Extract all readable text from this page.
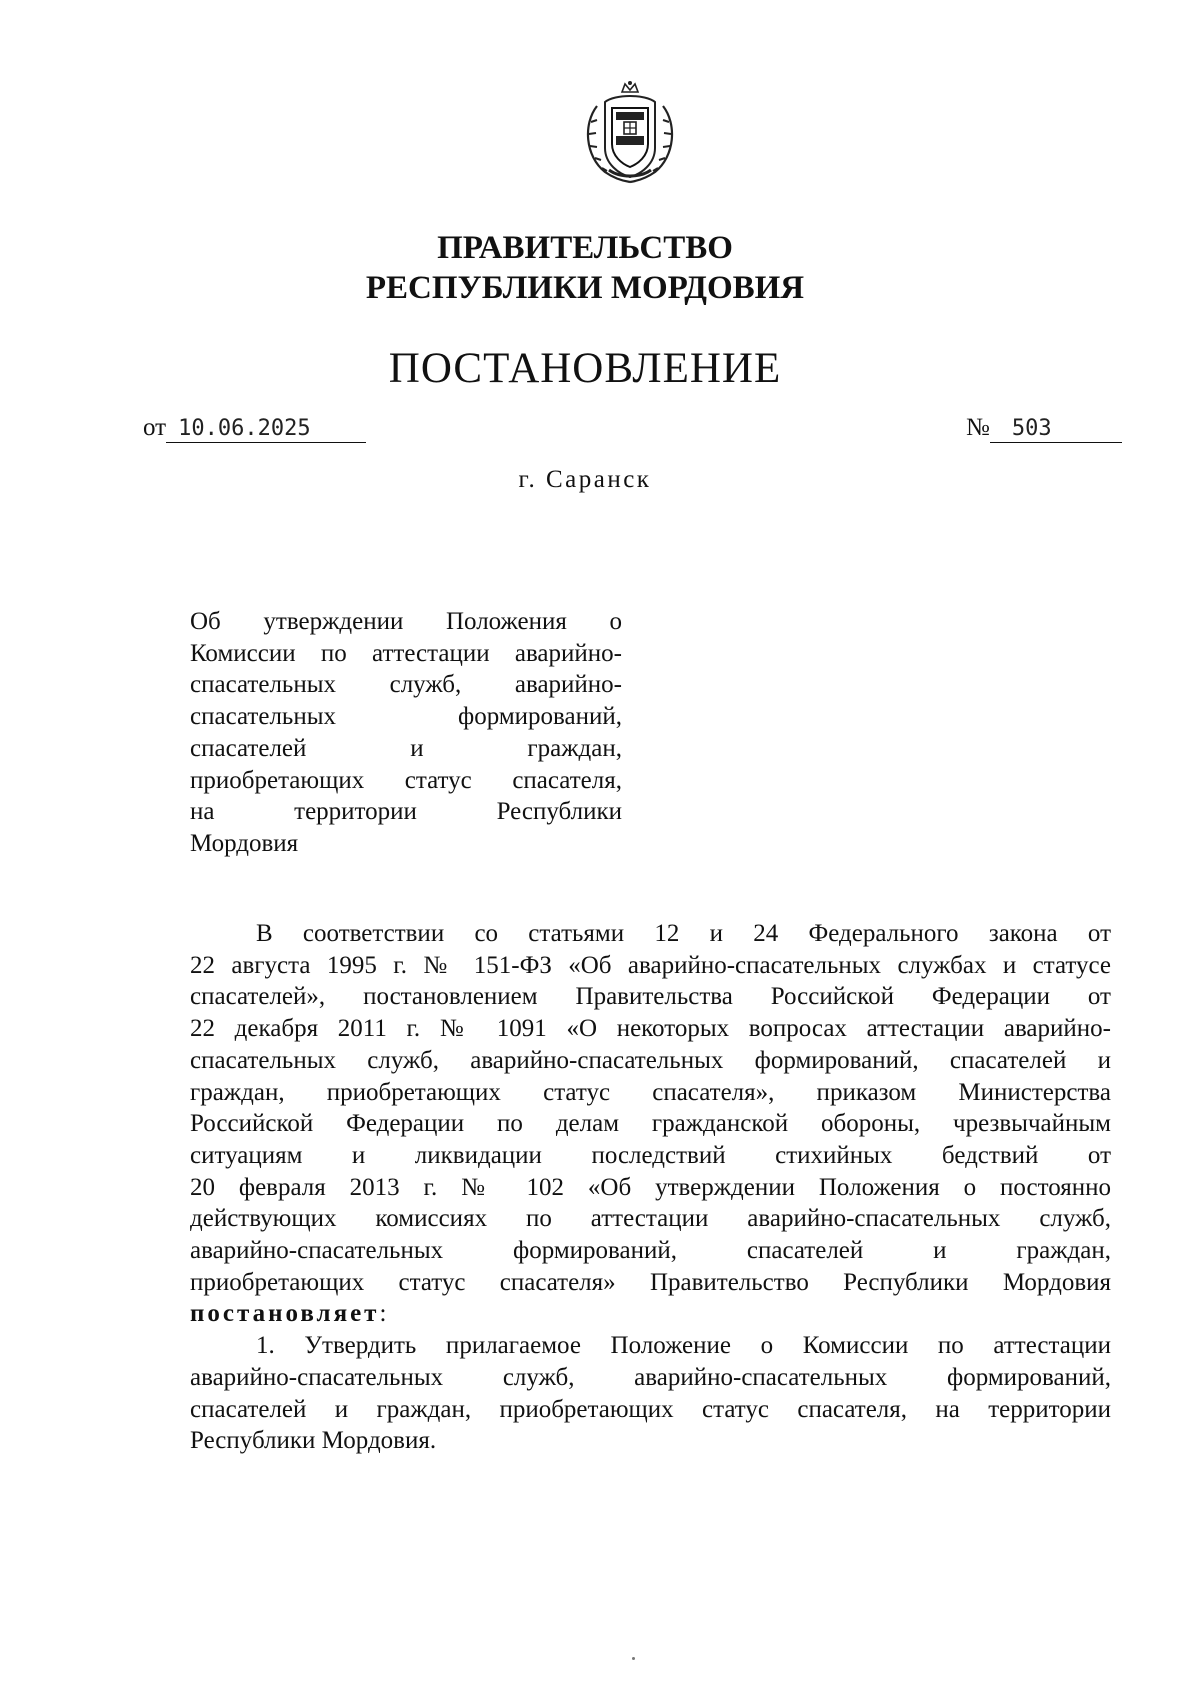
ПРАВИТЕЛЬСТВО
РЕСПУБЛИКИ МОРДОВИЯ
ПОСТАНОВЛЕНИЕ
от 10.06.2025	№ 503
г. Саранск
Об утверждении Положения о
Комиссии по аттестации аварийно-
спасательных служб, аварийно-
спасательных формирований,
спасателей и граждан,
приобретающих статус спасателя,
на территории Республики
Мордовия
В соответствии со статьями 12 и 24 Федерального закона от
22 августа 1995 г. № 151-ФЗ «Об аварийно-спасательных службах и статусе
спасателей», постановлением Правительства Российской Федерации от
22 декабря 2011 г. № 1091 «О некоторых вопросах аттестации аварийно-
спасательных служб, аварийно-спасательных формирований, спасателей и
граждан, приобретающих статус спасателя», приказом Министерства
Российской Федерации по делам гражданской обороны, чрезвычайным
ситуациям и ликвидации последствий стихийных бедствий от
20 февраля 2013 г. № 102 «Об утверждении Положения о постоянно
действующих комиссиях по аттестации аварийно-спасательных служб,
аварийно-спасательных формирований, спасателей и граждан,
приобретающих статус спасателя» Правительство Республики Мордовия
постановляет:
1. Утвердить прилагаемое Положение о Комиссии по аттестации
аварийно-спасательных служб, аварийно-спасательных формирований,
спасателей и граждан, приобретающих статус спасателя, на территории
Республики Мордовия.
